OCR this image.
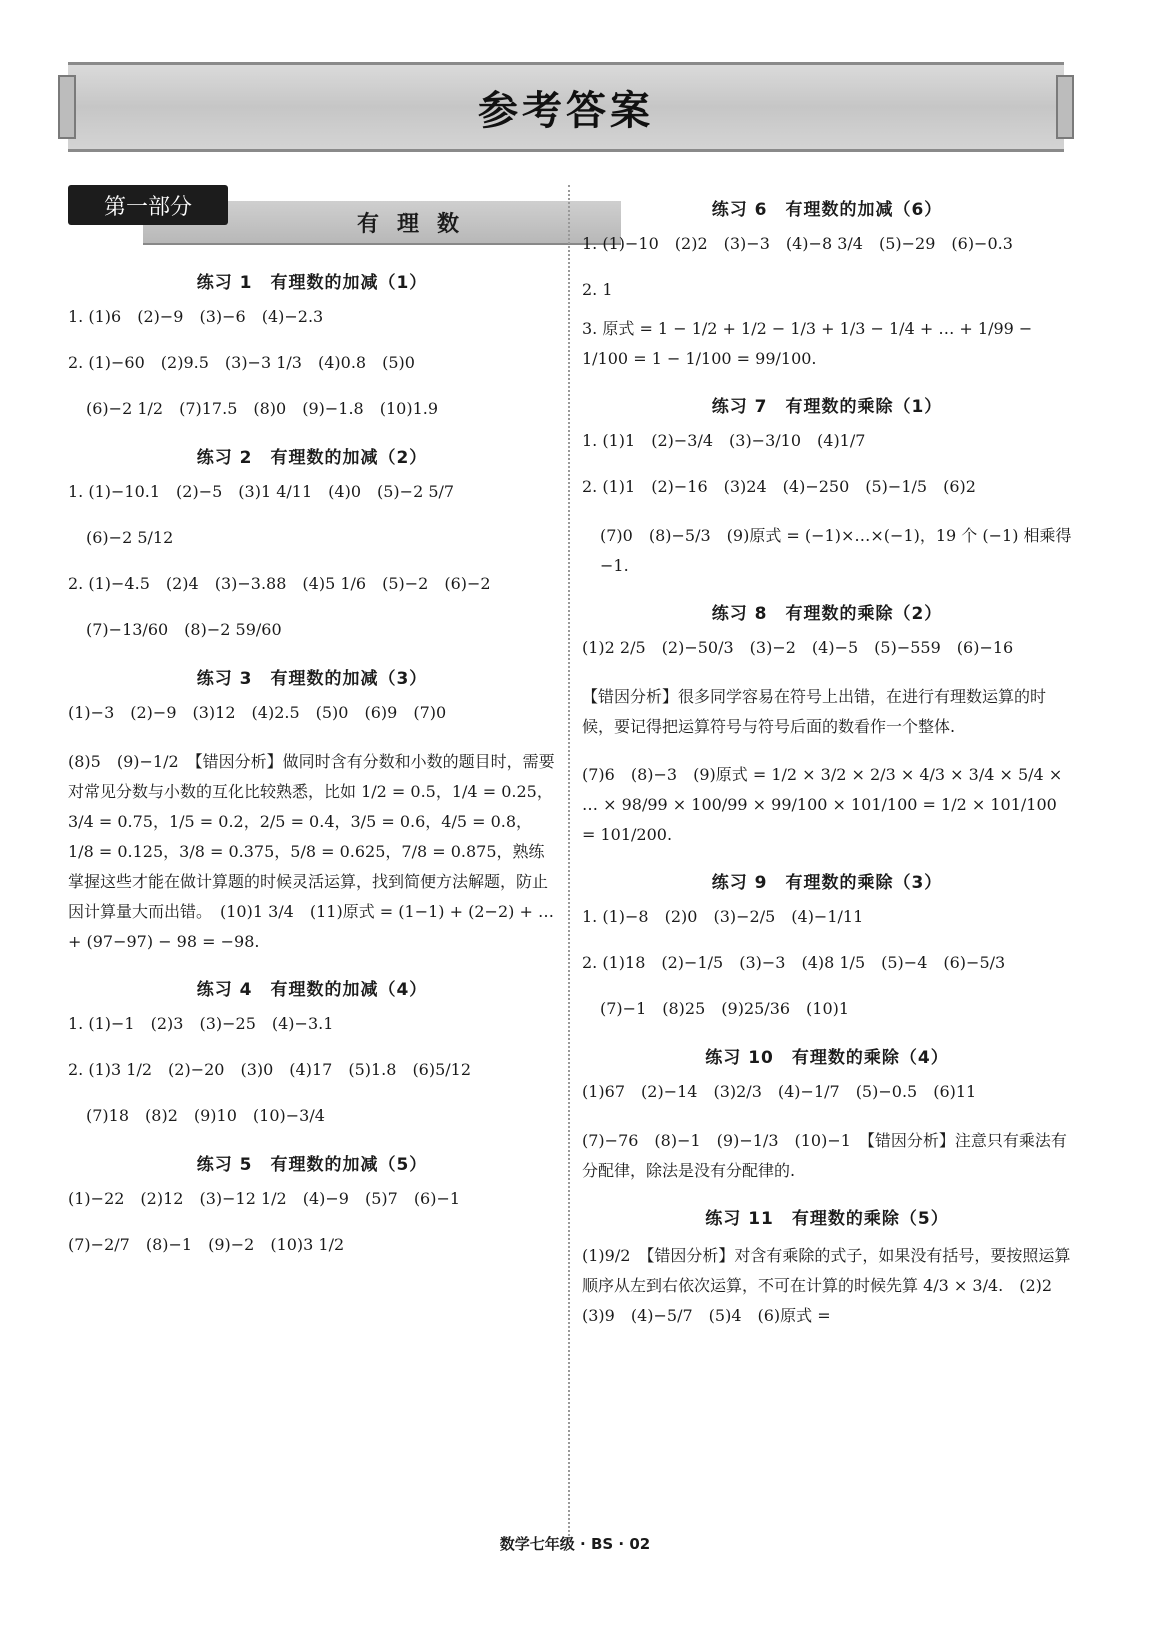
参考答案
第一部分
有理数
练习 1　有理数的加减（1）
1. (1)6　(2)−9　(3)−6　(4)−2.3
2. (1)−60　(2)9.5　(3)−3 1/3　(4)0.8　(5)0
(6)−2 1/2　(7)17.5　(8)0　(9)−1.8　(10)1.9
练习 2　有理数的加减（2）
1. (1)−10.1　(2)−5　(3)1 4/11　(4)0　(5)−2 5/7
(6)−2 5/12
2. (1)−4.5　(2)4　(3)−3.88　(4)5 1/6　(5)−2　(6)−2
(7)−13/60　(8)−2 59/60
练习 3　有理数的加减（3）
(1)−3　(2)−9　(3)12　(4)2.5　(5)0　(6)9　(7)0
(8)5　(9)−1/2　【错因分析】做同时含有分数和小数的题目时，需要对常见分数与小数的互化比较熟悉，比如 1/2 = 0.5，1/4 = 0.25，3/4 = 0.75，1/5 = 0.2，2/5 = 0.4，3/5 = 0.6，4/5 = 0.8，1/8 = 0.125，3/8 = 0.375，5/8 = 0.625，7/8 = 0.875，熟练掌握这些才能在做计算题的时候灵活运算，找到简便方法解题，防止因计算量大而出错。　(10)1 3/4　(11)原式 = (1−1) + (2−2) + … + (97−97) − 98 = −98.
练习 4　有理数的加减（4）
1. (1)−1　(2)3　(3)−25　(4)−3.1
2. (1)3 1/2　(2)−20　(3)0　(4)17　(5)1.8　(6)5/12
(7)18　(8)2　(9)10　(10)−3/4
练习 5　有理数的加减（5）
(1)−22　(2)12　(3)−12 1/2　(4)−9　(5)7　(6)−1
(7)−2/7　(8)−1　(9)−2　(10)3 1/2
练习 6　有理数的加减（6）
1. (1)−10　(2)2　(3)−3　(4)−8 3/4　(5)−29　(6)−0.3
2. 1
3. 原式 = 1 − 1/2 + 1/2 − 1/3 + 1/3 − 1/4 + … + 1/99 − 1/100 = 1 − 1/100 = 99/100.
练习 7　有理数的乘除（1）
1. (1)1　(2)−3/4　(3)−3/10　(4)1/7
2. (1)1　(2)−16　(3)24　(4)−250　(5)−1/5　(6)2
(7)0　(8)−5/3　(9)原式 = (−1)×…×(−1)，19 个 (−1) 相乘得 −1.
练习 8　有理数的乘除（2）
(1)2 2/5　(2)−50/3　(3)−2　(4)−5　(5)−559　(6)−16
【错因分析】很多同学容易在符号上出错，在进行有理数运算的时候，要记得把运算符号与符号后面的数看作一个整体.
(7)6　(8)−3　(9)原式 = 1/2 × 3/2 × 2/3 × 4/3 × 3/4 × 5/4 × … × 98/99 × 100/99 × 99/100 × 101/100 = 1/2 × 101/100 = 101/200.
练习 9　有理数的乘除（3）
1. (1)−8　(2)0　(3)−2/5　(4)−1/11
2. (1)18　(2)−1/5　(3)−3　(4)8 1/5　(5)−4　(6)−5/3
(7)−1　(8)25　(9)25/36　(10)1
练习 10　有理数的乘除（4）
(1)67　(2)−14　(3)2/3　(4)−1/7　(5)−0.5　(6)11
(7)−76　(8)−1　(9)−1/3　(10)−1　【错因分析】注意只有乘法有分配律，除法是没有分配律的.
练习 11　有理数的乘除（5）
(1)9/2　【错因分析】对含有乘除的式子，如果没有括号，要按照运算顺序从左到右依次运算，不可在计算的时候先算 4/3 × 3/4.　(2)2　(3)9　(4)−5/7　(5)4　(6)原式 =
数学七年级 · BS · 02
